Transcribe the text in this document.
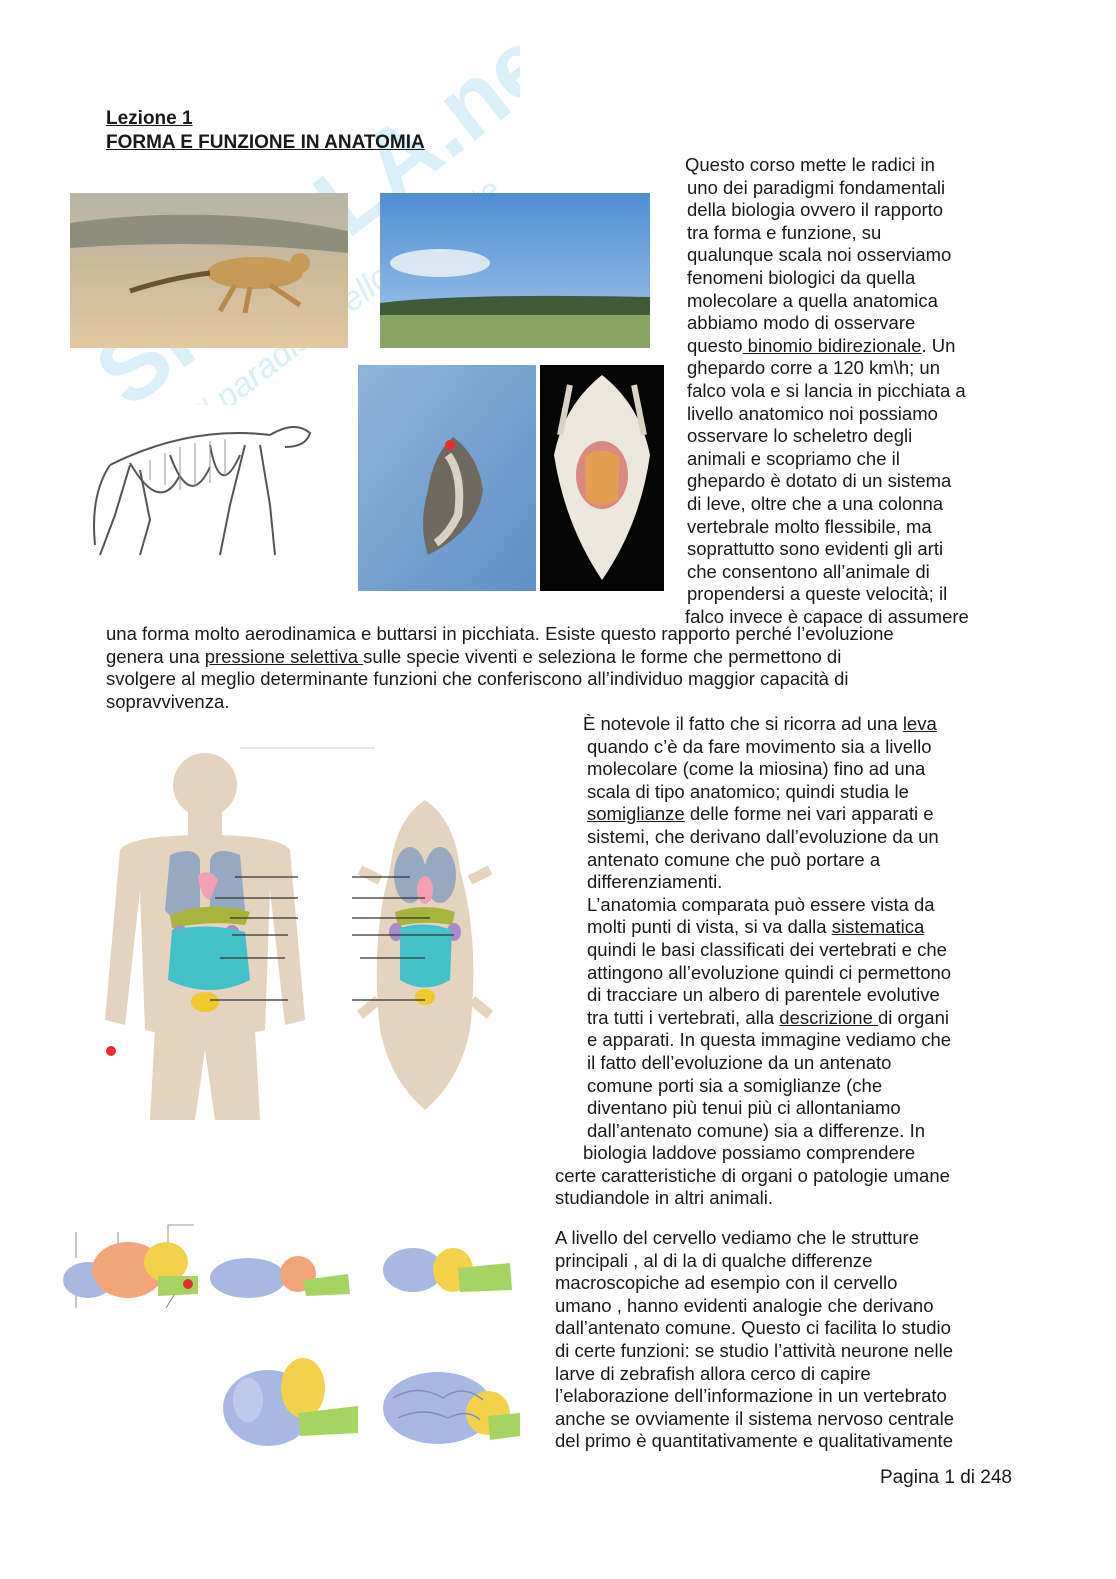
paradiso dello
Lezione 1
FORMA E FUNZIONE IN ANATOMIA
Questo corso mette le radici in
uno dei paradigmi fondamentali
della biologia ovvero il rapporto
tra forma e funzione, su
qualunque scala noi osserviamo
fenomeni biologici da quella
molecolare a quella anatomica
abbiamo modo di osservare
questo binomio bidirezionale. Un
ghepardo corre a 120 km\h; un
falco vola e si lancia in picchiata a
livello anatomico noi possiamo
osservare lo scheletro degli
animali e scopriamo che il
ghepardo è dotato di un sistema
di leve, oltre che a una colonna
vertebrale molto flessibile, ma
soprattutto sono evidenti gli arti
che consentono all’animale di
propendersi a queste velocità; il
falco invece è capace di assumere
una forma molto aerodinamica e buttarsi in picchiata. Esiste questo rapporto perché l’evoluzione
genera una pressione selettiva sulle specie viventi e seleziona le forme che permettono di
svolgere al meglio determinante funzioni che conferiscono all’individuo maggior capacità di
sopravvivenza.
È notevole il fatto che si ricorra ad una leva
quando c’è da fare movimento sia a livello
molecolare (come la miosina) fino ad una
scala di tipo anatomico; quindi studia le
somiglianze delle forme nei vari apparati e
sistemi, che derivano dall’evoluzione da un
antenato comune che può portare a
differenziamenti.
L’anatomia comparata può essere vista da
molti punti di vista, si va dalla sistematica
quindi le basi classificati dei vertebrati e che
attingono all’evoluzione quindi ci permettono
di tracciare un albero di parentele evolutive
tra tutti i vertebrati, alla descrizione di organi
e apparati. In questa immagine vediamo che
il fatto dell’evoluzione da un antenato
comune porti sia a somiglianze (che
diventano più tenui più ci allontaniamo
dall’antenato comune) sia a differenze. In
biologia laddove possiamo comprendere
certe caratteristiche di organi o patologie umane
studiandole in altri animali.
A livello del cervello vediamo che le strutture
principali , al di la di qualche differenze
macroscopiche ad esempio con il cervello
umano , hanno evidenti analogie che derivano
dall’antenato comune. Questo ci facilita lo studio
di certe funzioni: se studio l’attività neurone nelle
larve di zebrafish allora cerco di capire
l’elaborazione dell’informazione in un vertebrato
anche se ovviamente il sistema nervoso centrale
del primo è quantitativamente e qualitativamente
Pagina 1 di 248
